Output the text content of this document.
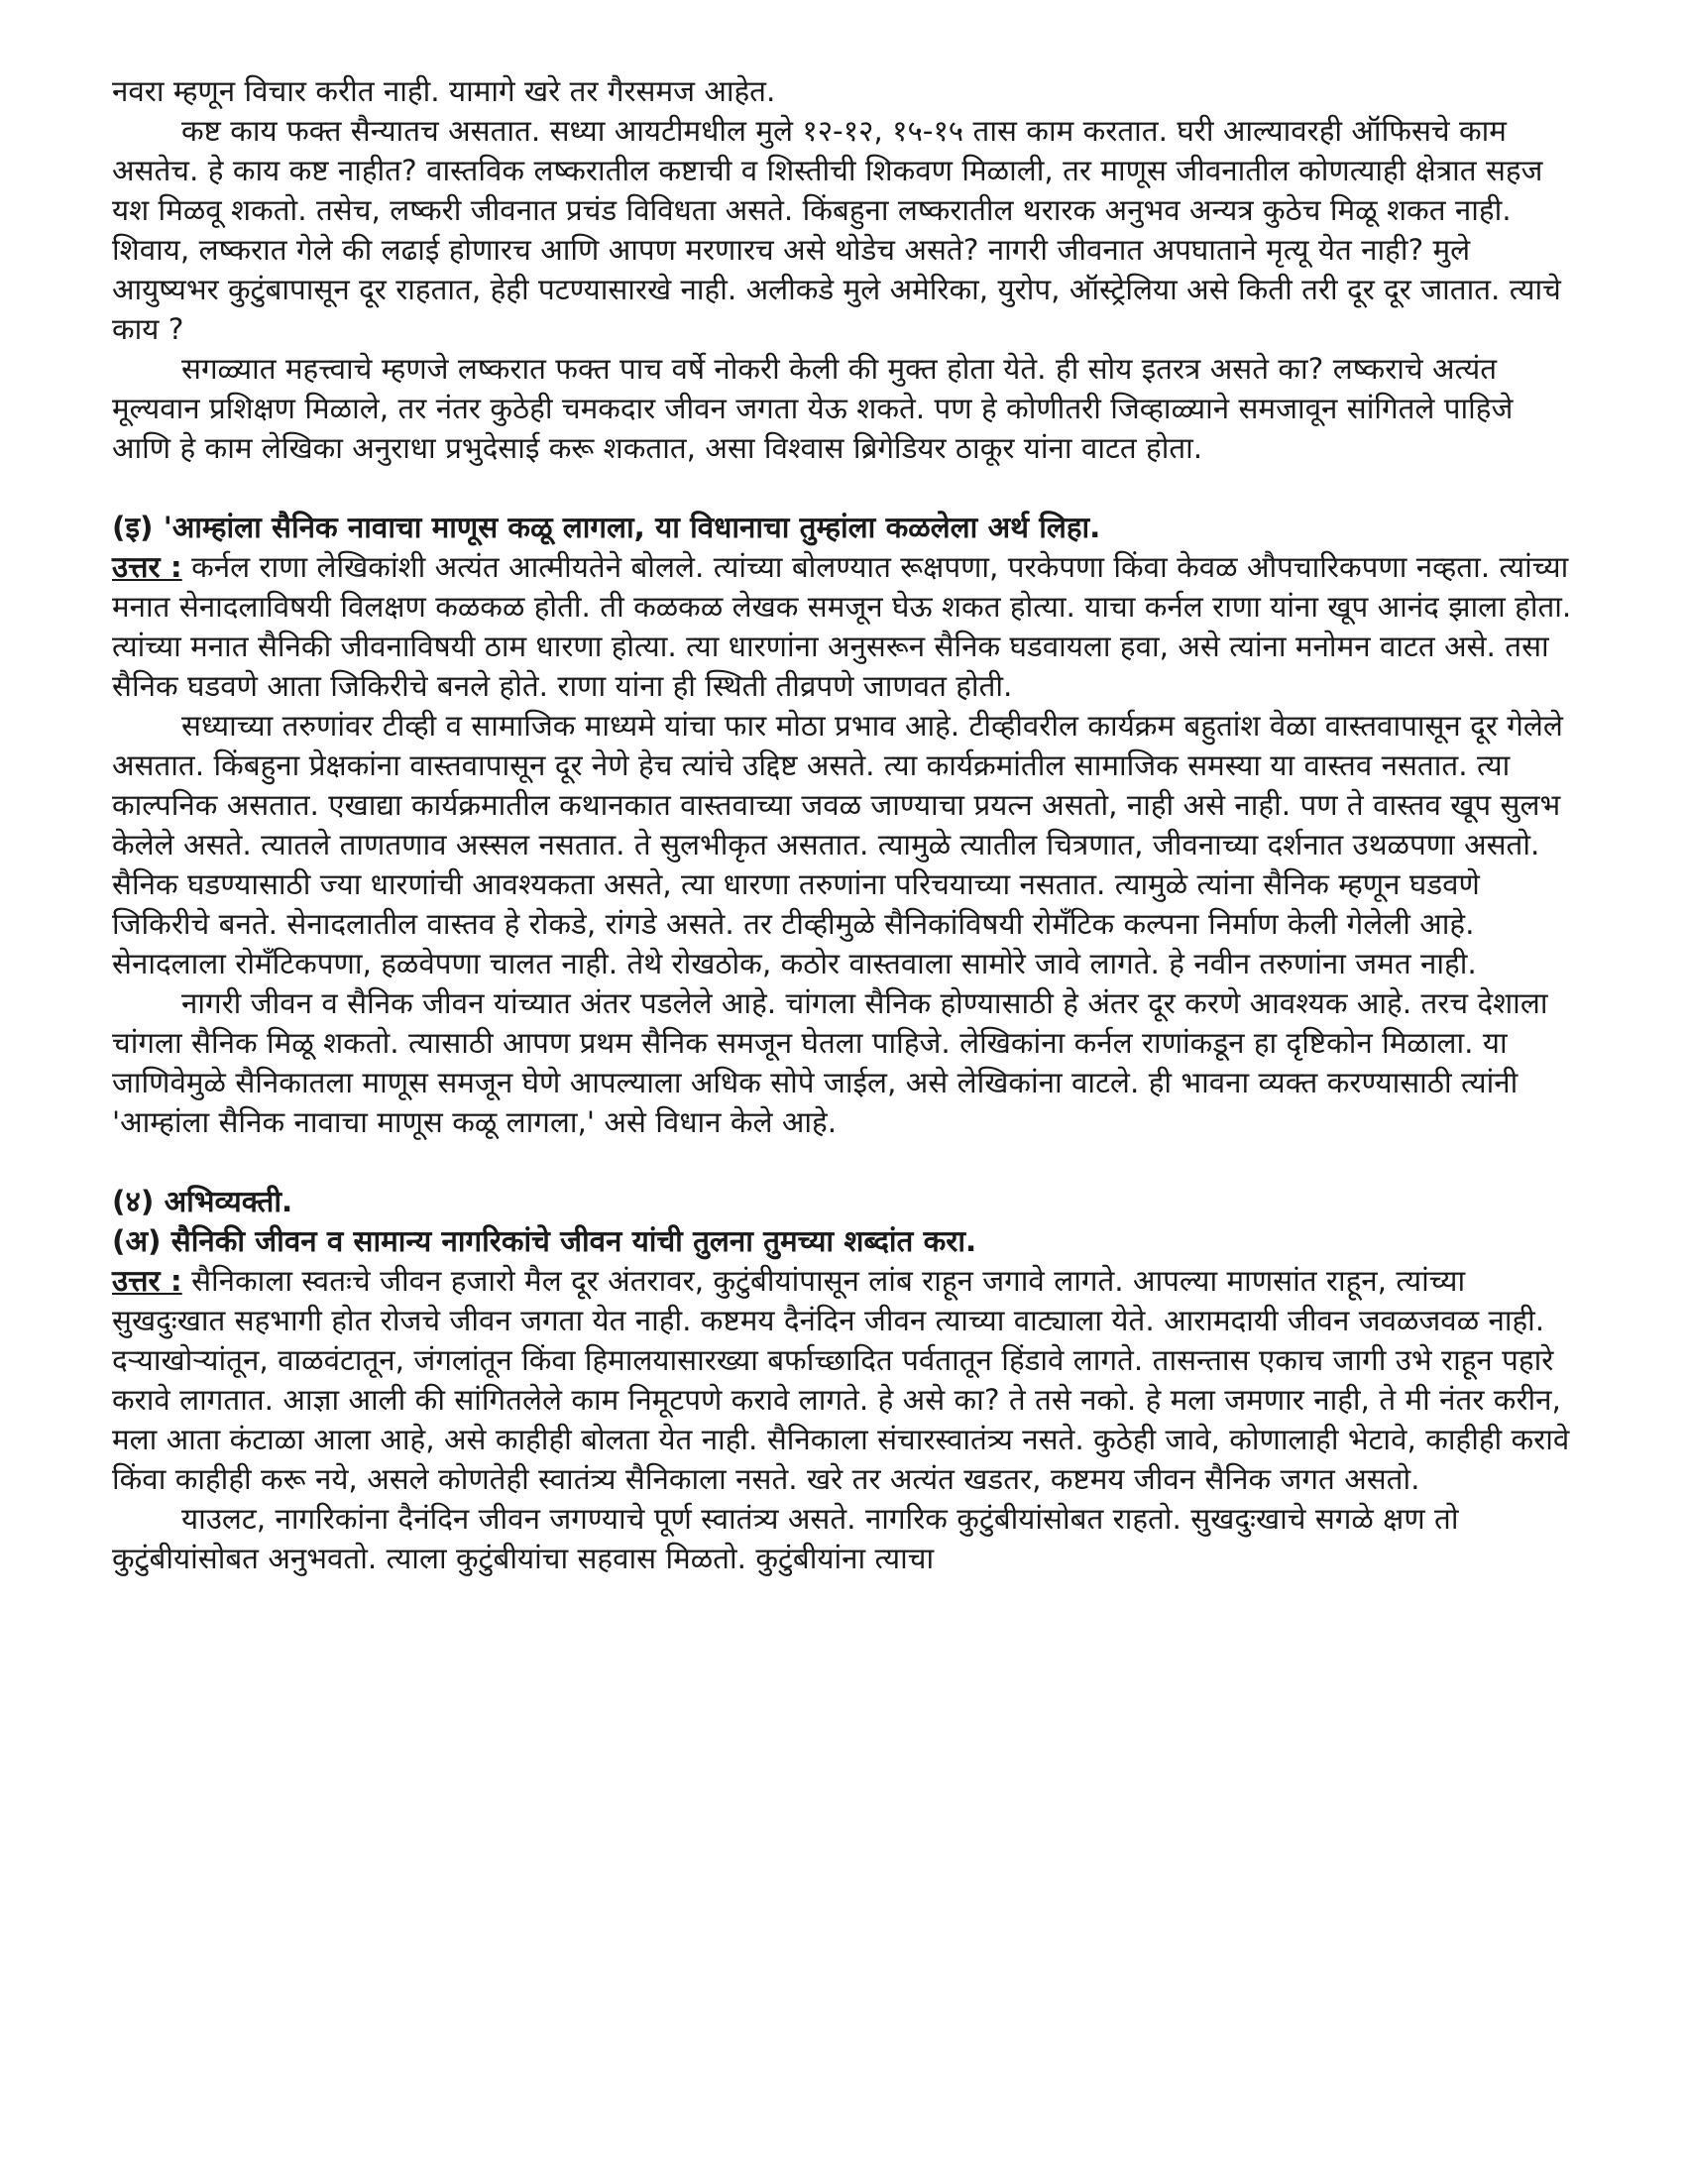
नवरा म्हणून विचार करीत नाही. यामागे खरे तर गैरसमज आहेत.

कष्ट काय फक्त सैन्यातच असतात. सध्या आयटीमधील मुले १२-१२, १५-१५ तास काम करतात. घरी आल्यावरही ऑफिसचे काम असतेच. हे काय कष्ट नाहीत? वास्तविक लष्करातील कष्टाची व शिस्तीची शिकवण मिळाली, तर माणूस जीवनातील कोणत्याही क्षेत्रात सहज यश मिळवू शकतो. तसेच, लष्करी जीवनात प्रचंड विविधता असते. किंबहुना लष्करातील थरारक अनुभव अन्यत्र कुठेच मिळू शकत नाही. शिवाय, लष्करात गेले की लढाई होणारच आणि आपण मरणारच असे थोडेच असते? नागरी जीवनात अपघाताने मृत्यू येत नाही? मुले आयुष्यभर कुटुंबापासून दूर राहतात, हेही पटण्यासारखे नाही. अलीकडे मुले अमेरिका, युरोप, ऑस्ट्रेलिया असे किती तरी दूर दूर जातात. त्याचे काय ?

सगळ्यात महत्त्वाचे म्हणजे लष्करात फक्त पाच वर्षे नोकरी केली की मुक्त होता येते. ही सोय इतरत्र असते का? लष्कराचे अत्यंत मूल्यवान प्रशिक्षण मिळाले, तर नंतर कुठेही चमकदार जीवन जगता येऊ शकते. पण हे कोणीतरी जिव्हाळ्याने समजावून सांगितले पाहिजे आणि हे काम लेखिका अनुराधा प्रभुदेसाई करू शकतात, असा विश्वास ब्रिगेडियर ठाकूर यांना वाटत होता.

(इ) 'आम्हांला सैनिक नावाचा माणूस कळू लागला, या विधानाचा तुम्हांला कळलेला अर्थ लिहा.

उत्तर : कर्नल राणा लेखिकांशी अत्यंत आत्मीयतेने बोलले. त्यांच्या बोलण्यात रूक्षपणा, परकेपणा किंवा केवळ औपचारिकपणा नव्हता. त्यांच्या मनात सेनादलाविषयी विलक्षण कळकळ होती. ती कळकळ लेखक समजून घेऊ शकत होत्या. याचा कर्नल राणा यांना खूप आनंद झाला होता. त्यांच्या मनात सैनिकी जीवनाविषयी ठाम धारणा होत्या. त्या धारणांना अनुसरून सैनिक घडवायला हवा, असे त्यांना मनोमन वाटत असे. तसा सैनिक घडवणे आता जिकिरीचे बनले होते. राणा यांना ही स्थिती तीव्रपणे जाणवत होती.

सध्याच्या तरुणांवर टीव्ही व सामाजिक माध्यमे यांचा फार मोठा प्रभाव आहे. टीव्हीवरील कार्यक्रम बहुतांश वेळा वास्तवापासून दूर गेलेले असतात. किंबहुना प्रेक्षकांना वास्तवापासून दूर नेणे हेच त्यांचे उद्दिष्ट असते. त्या कार्यक्रमांतील सामाजिक समस्या या वास्तव नसतात. त्या काल्पनिक असतात. एखाद्या कार्यक्रमातील कथानकात वास्तवाच्या जवळ जाण्याचा प्रयत्न असतो, नाही असे नाही. पण ते वास्तव खूप सुलभ केलेले असते. त्यातले ताणतणाव अस्सल नसतात. ते सुलभीकृत असतात. त्यामुळे त्यातील चित्रणात, जीवनाच्या दर्शनात उथळपणा असतो. सैनिक घडण्यासाठी ज्या धारणांची आवश्यकता असते, त्या धारणा तरुणांना परिचयाच्या नसतात. त्यामुळे त्यांना सैनिक म्हणून घडवणे जिकिरीचे बनते. सेनादलातील वास्तव हे रोकडे, रांगडे असते. तर टीव्हीमुळे सैनिकांविषयी रोमँटिक कल्पना निर्माण केली गेलेली आहे. सेनादलाला रोमँटिकपणा, हळवेपणा चालत नाही. तेथे रोखठोक, कठोर वास्तवाला सामोरे जावे लागते. हे नवीन तरुणांना जमत नाही.

नागरी जीवन व सैनिक जीवन यांच्यात अंतर पडलेले आहे. चांगला सैनिक होण्यासाठी हे अंतर दूर करणे आवश्यक आहे. तरच देशाला चांगला सैनिक मिळू शकतो. त्यासाठी आपण प्रथम सैनिक समजून घेतला पाहिजे. लेखिकांना कर्नल राणांकडून हा दृष्टिकोन मिळाला. या जाणिवेमुळे सैनिकातला माणूस समजून घेणे आपल्याला अधिक सोपे जाईल, असे लेखिकांना वाटले. ही भावना व्यक्त करण्यासाठी त्यांनी 'आम्हांला सैनिक नावाचा माणूस कळू लागला,' असे विधान केले आहे.

(४) अभिव्यक्ती.

(अ) सैनिकी जीवन व सामान्य नागरिकांचे जीवन यांची तुलना तुमच्या शब्दांत करा.

उत्तर : सैनिकाला स्वतःचे जीवन हजारो मैल दूर अंतरावर, कुटुंबीयांपासून लांब राहून जगावे लागते. आपल्या माणसांत राहून, त्यांच्या सुखदुःखात सहभागी होत रोजचे जीवन जगता येत नाही. कष्टमय दैनंदिन जीवन त्याच्या वाट्याला येते. आरामदायी जीवन जवळजवळ नाही. दऱ्याखोऱ्यांतून, वाळवंटातून, जंगलांतून किंवा हिमालयासारख्या बर्फाच्छादित पर्वतातून हिंडावे लागते. तासन्तास एकाच जागी उभे राहून पहारे करावे लागतात. आज्ञा आली की सांगितलेले काम निमूटपणे करावे लागते. हे असे का? ते तसे नको. हे मला जमणार नाही, ते मी नंतर करीन, मला आता कंटाळा आला आहे, असे काहीही बोलता येत नाही. सैनिकाला संचारस्वातंत्र्य नसते. कुठेही जावे, कोणालाही भेटावे, काहीही करावे किंवा काहीही करू नये, असले कोणतेही स्वातंत्र्य सैनिकाला नसते. खरे तर अत्यंत खडतर, कष्टमय जीवन सैनिक जगत असतो.

याउलट, नागरिकांना दैनंदिन जीवन जगण्याचे पूर्ण स्वातंत्र्य असते. नागरिक कुटुंबीयांसोबत राहतो. सुखदुःखाचे सगळे क्षण तो कुटुंबीयांसोबत अनुभवतो. त्याला कुटुंबीयांचा सहवास मिळतो. कुटुंबीयांना त्याचा
